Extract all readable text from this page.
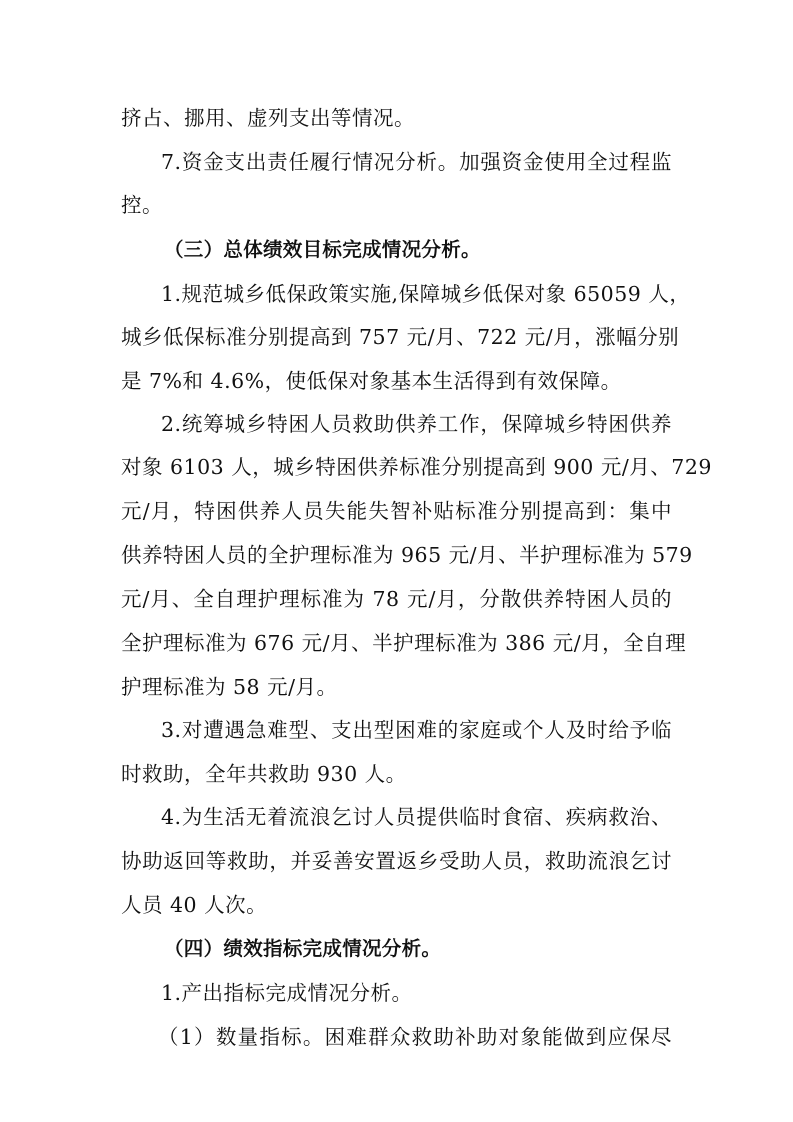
挤占、挪用、虚列支出等情况。
7.资金支出责任履行情况分析。加强资金使用全过程监
控。
（三）总体绩效目标完成情况分析。
1.规范城乡低保政策实施,保障城乡低保对象 65059 人，
城乡低保标准分别提高到 757 元/月、722 元/月，涨幅分别
是 7%和 4.6%，使低保对象基本生活得到有效保障。
2.统筹城乡特困人员救助供养工作，保障城乡特困供养
对象 6103 人，城乡特困供养标准分别提高到 900 元/月、729
元/月，特困供养人员失能失智补贴标准分别提高到：集中
供养特困人员的全护理标准为 965 元/月、半护理标准为 579
元/月、全自理护理标准为 78 元/月，分散供养特困人员的
全护理标准为 676 元/月、半护理标准为 386 元/月，全自理
护理标准为 58 元/月。
3.对遭遇急难型、支出型困难的家庭或个人及时给予临
时救助，全年共救助 930 人。
4.为生活无着流浪乞讨人员提供临时食宿、疾病救治、
协助返回等救助，并妥善安置返乡受助人员，救助流浪乞讨
人员 40 人次。
（四）绩效指标完成情况分析。
1.产出指标完成情况分析。
（1）数量指标。困难群众救助补助对象能做到应保尽
